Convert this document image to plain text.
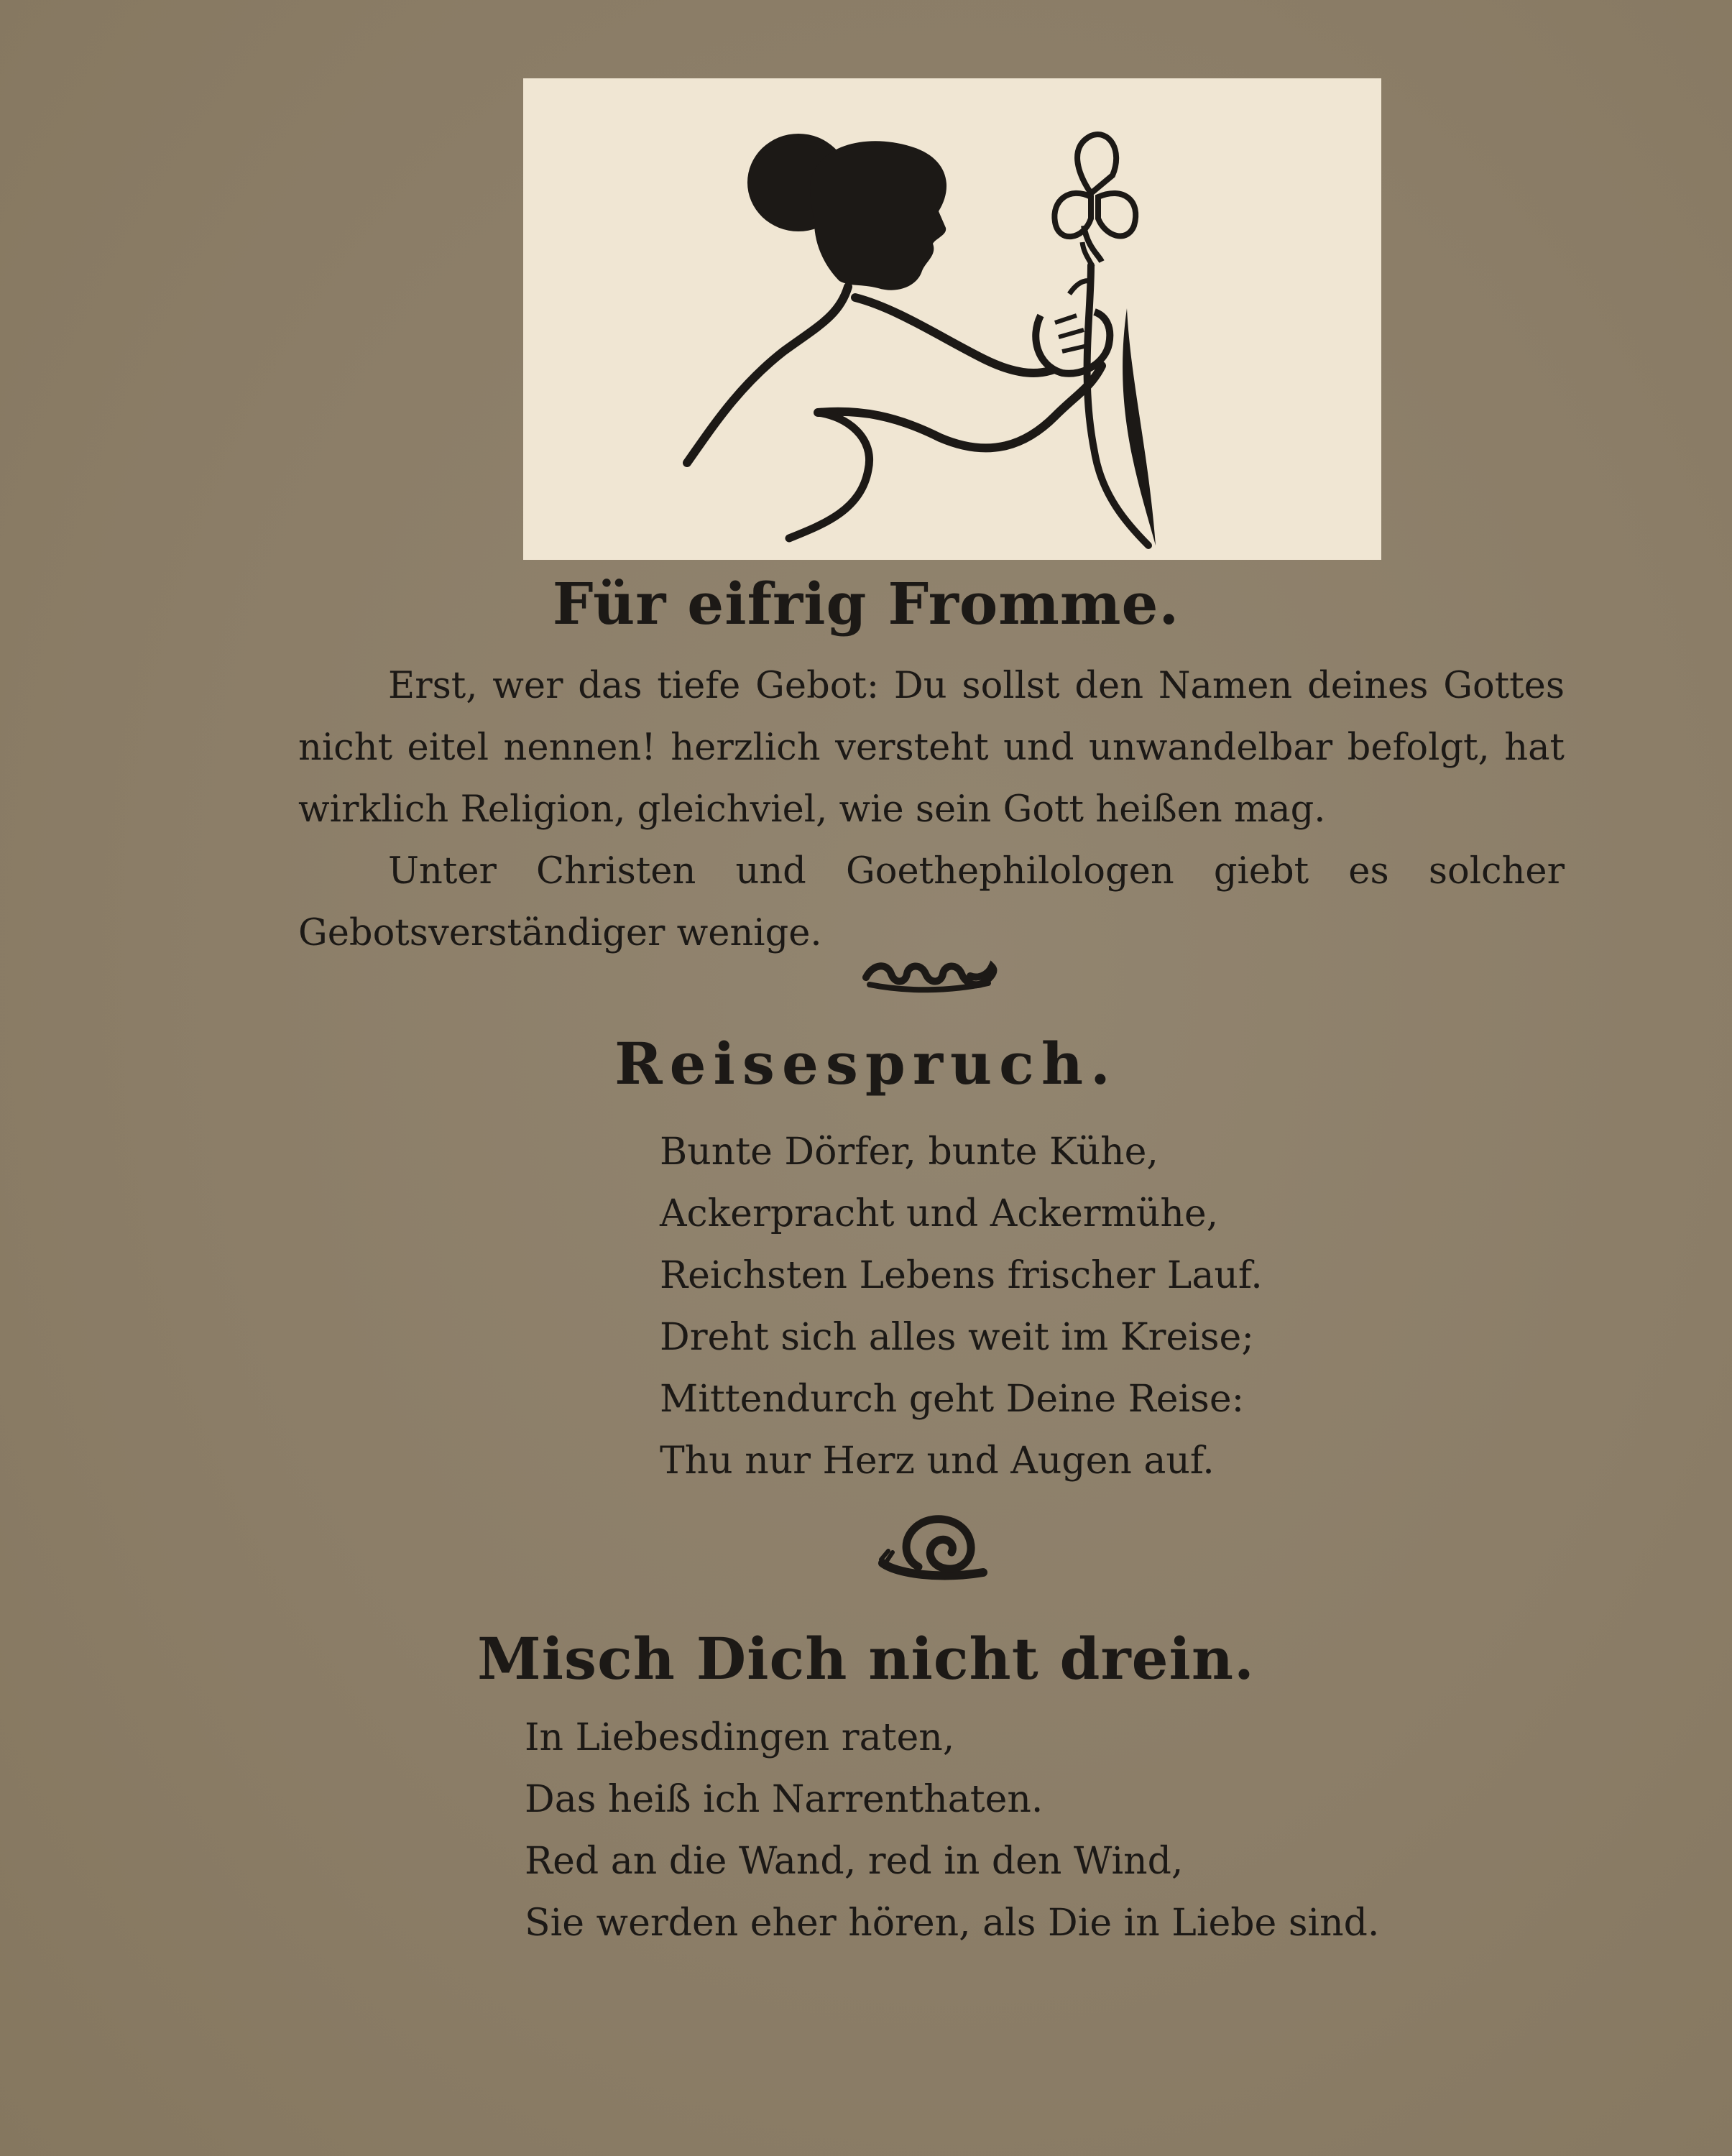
Für eifrig Fromme.

Erst, wer das tiefe Gebot: Du sollst den Namen deines Gottes nicht eitel nennen! herzlich versteht und unwandelbar befolgt, hat wirklich Religion, gleichviel, wie sein Gott heißen mag.

Unter Christen und Goethephilologen giebt es solcher Gebotsverständiger wenige.

Reisespruch.
Bunte Dörfer, bunte Kühe,
Ackerpracht und Ackermühe,
Reichsten Lebens frischer Lauf.
Dreht sich alles weit im Kreise;
Mittendurch geht Deine Reise:
Thu nur Herz und Augen auf.
Misch Dich nicht drein.
In Liebesdingen raten,
Das heiß ich Narrenthaten.
Red an die Wand, red in den Wind,
Sie werden eher hören, als Die in Liebe sind.
